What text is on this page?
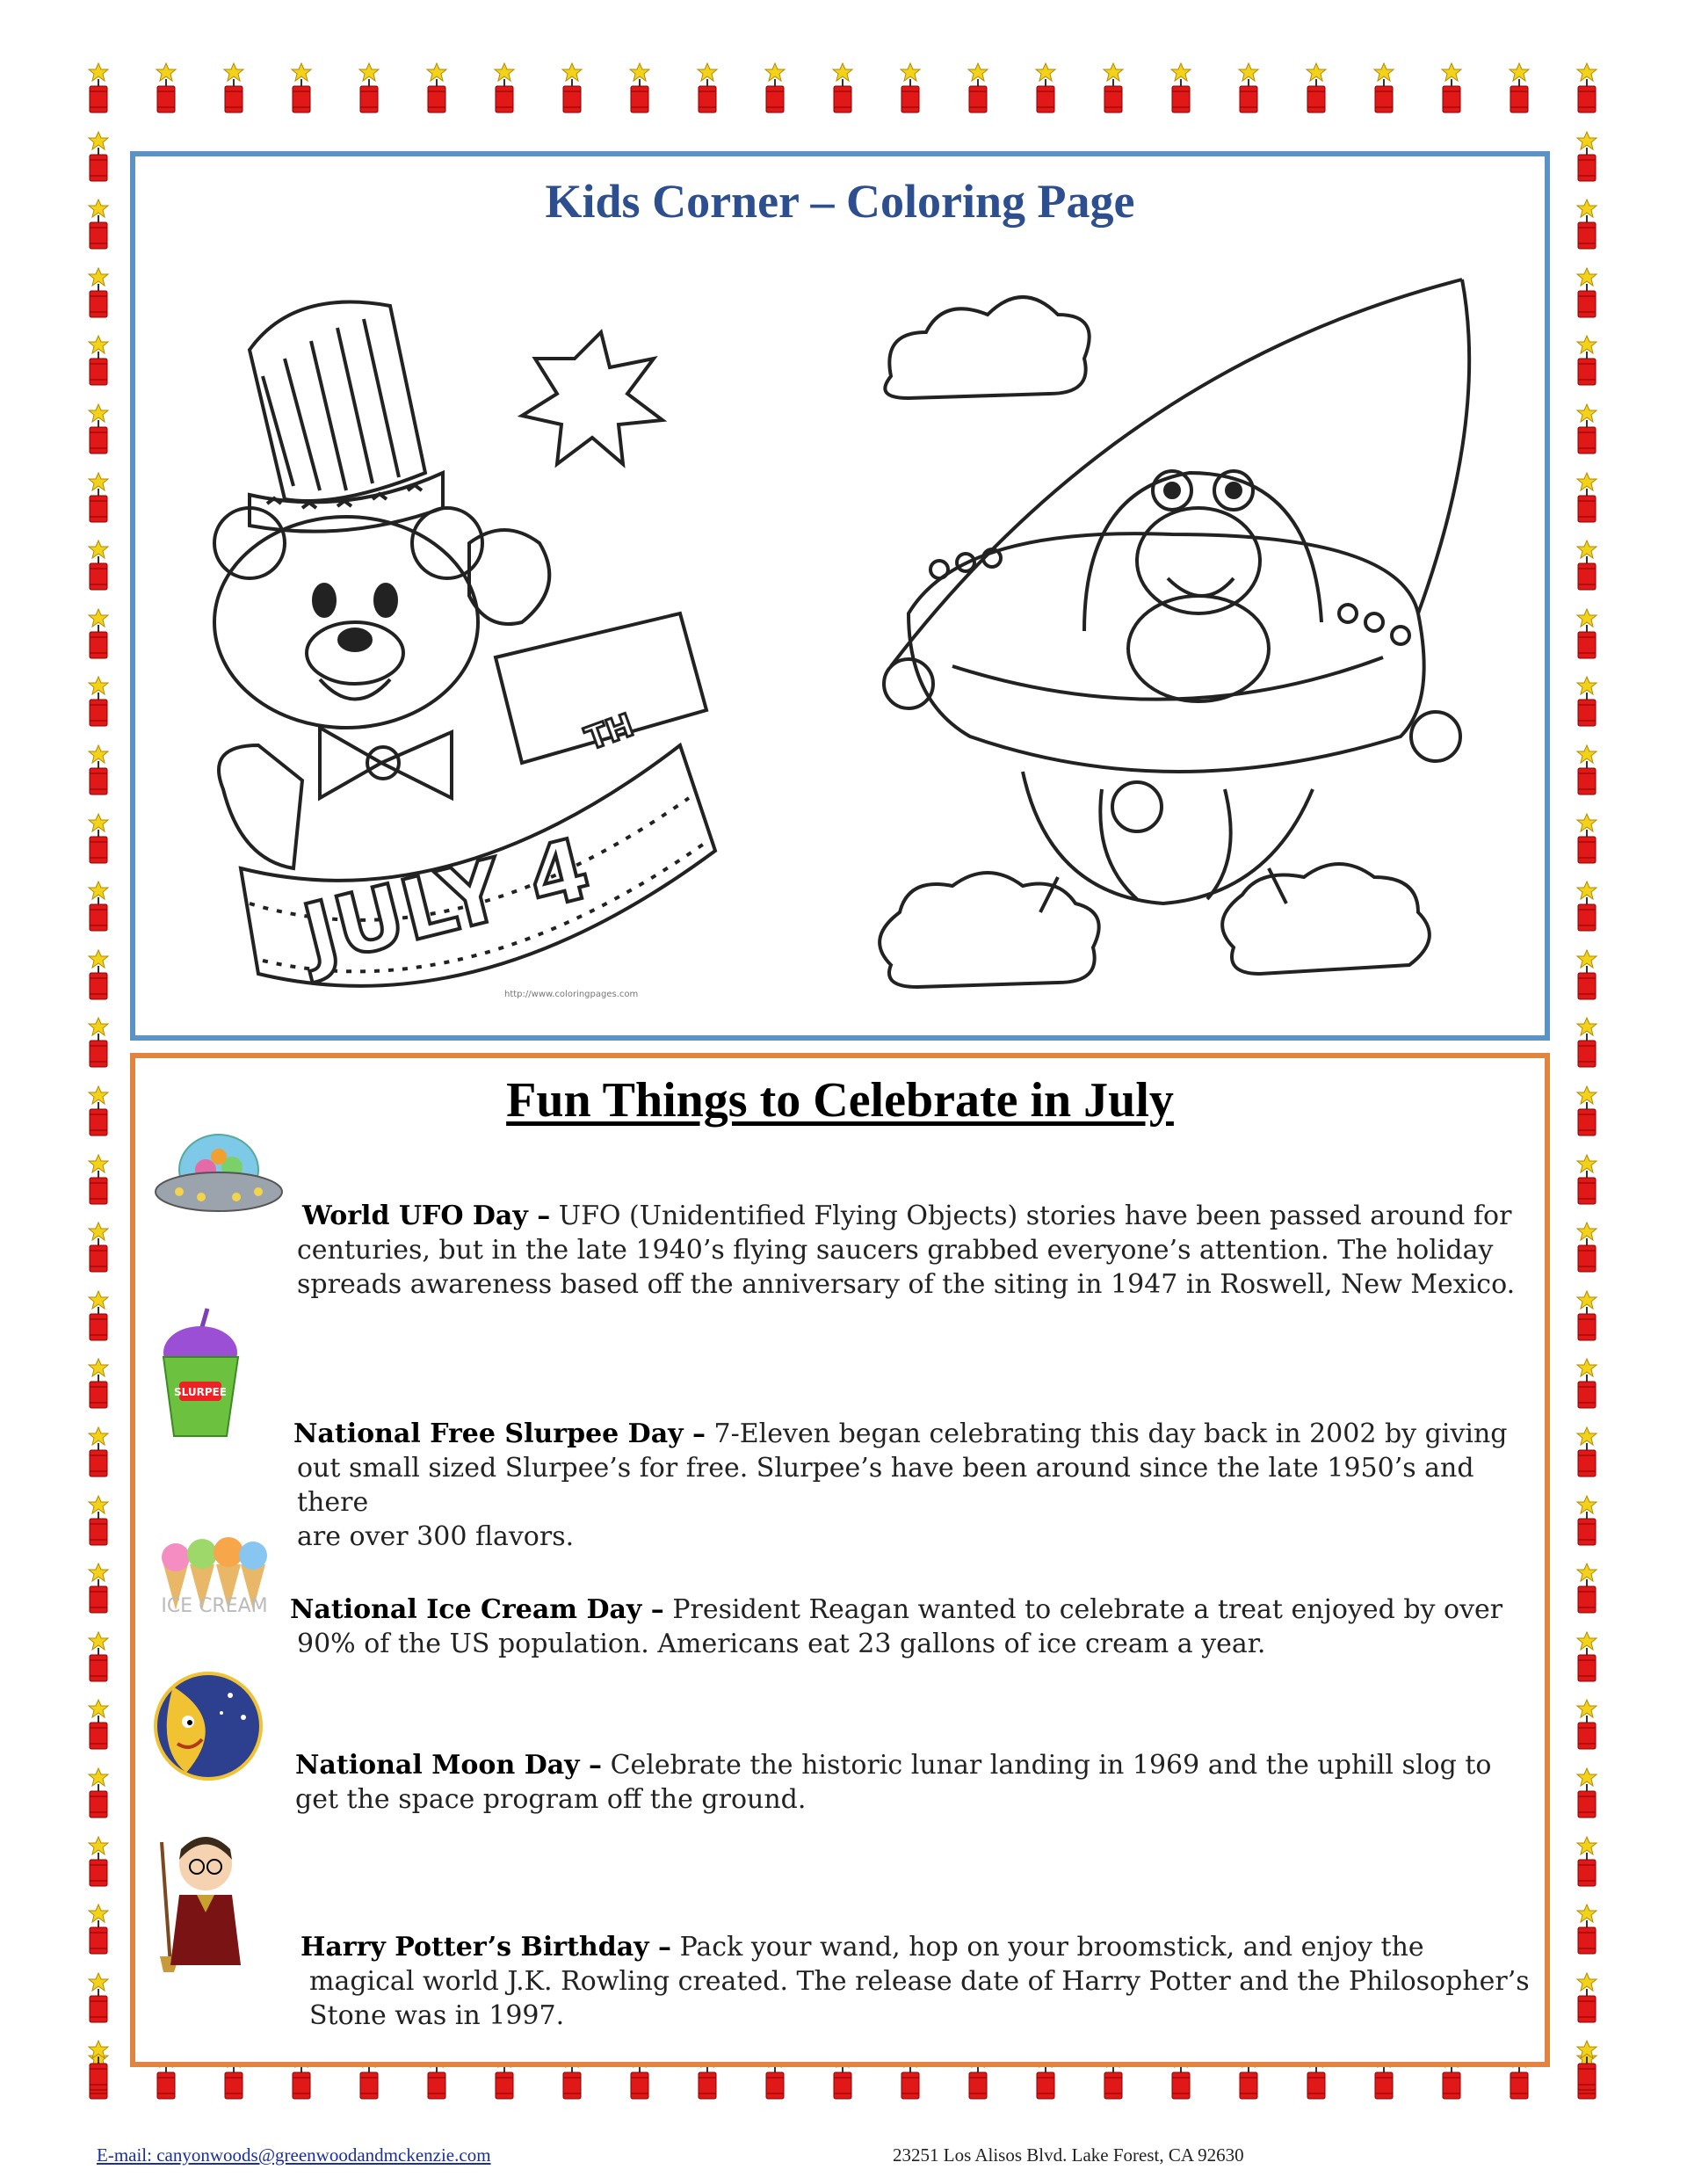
Kids Corner – Coloring Page
JULY 4
TH
http://www.coloringpages.com
Fun Things to Celebrate in July
SLURPEE
ICE CREAM
World UFO Day – UFO (Unidentified Flying Objects) stories have been passed around for
centuries, but in the late 1940’s flying saucers grabbed everyone’s attention. The holiday
spreads awareness based off the anniversary of the siting in 1947 in Roswell, New Mexico.
National Free Slurpee Day – 7-Eleven began celebrating this day back in 2002 by giving
out small sized Slurpee’s for free. Slurpee’s have been around since the late 1950’s and there
are over 300 flavors.
National Ice Cream Day – President Reagan wanted to celebrate a treat enjoyed by over
90% of the US population. Americans eat 23 gallons of ice cream a year.
National Moon Day – Celebrate the historic lunar landing in 1969 and the uphill slog to
get the space program off the ground.
Harry Potter’s Birthday – Pack your wand, hop on your broomstick, and enjoy the
magical world J.K. Rowling created. The release date of Harry Potter and the Philosopher’s
Stone was in 1997.
E-mail: canyonwoods@greenwoodandmckenzie.com	23251 Los Alisos Blvd. Lake Forest, CA 92630
